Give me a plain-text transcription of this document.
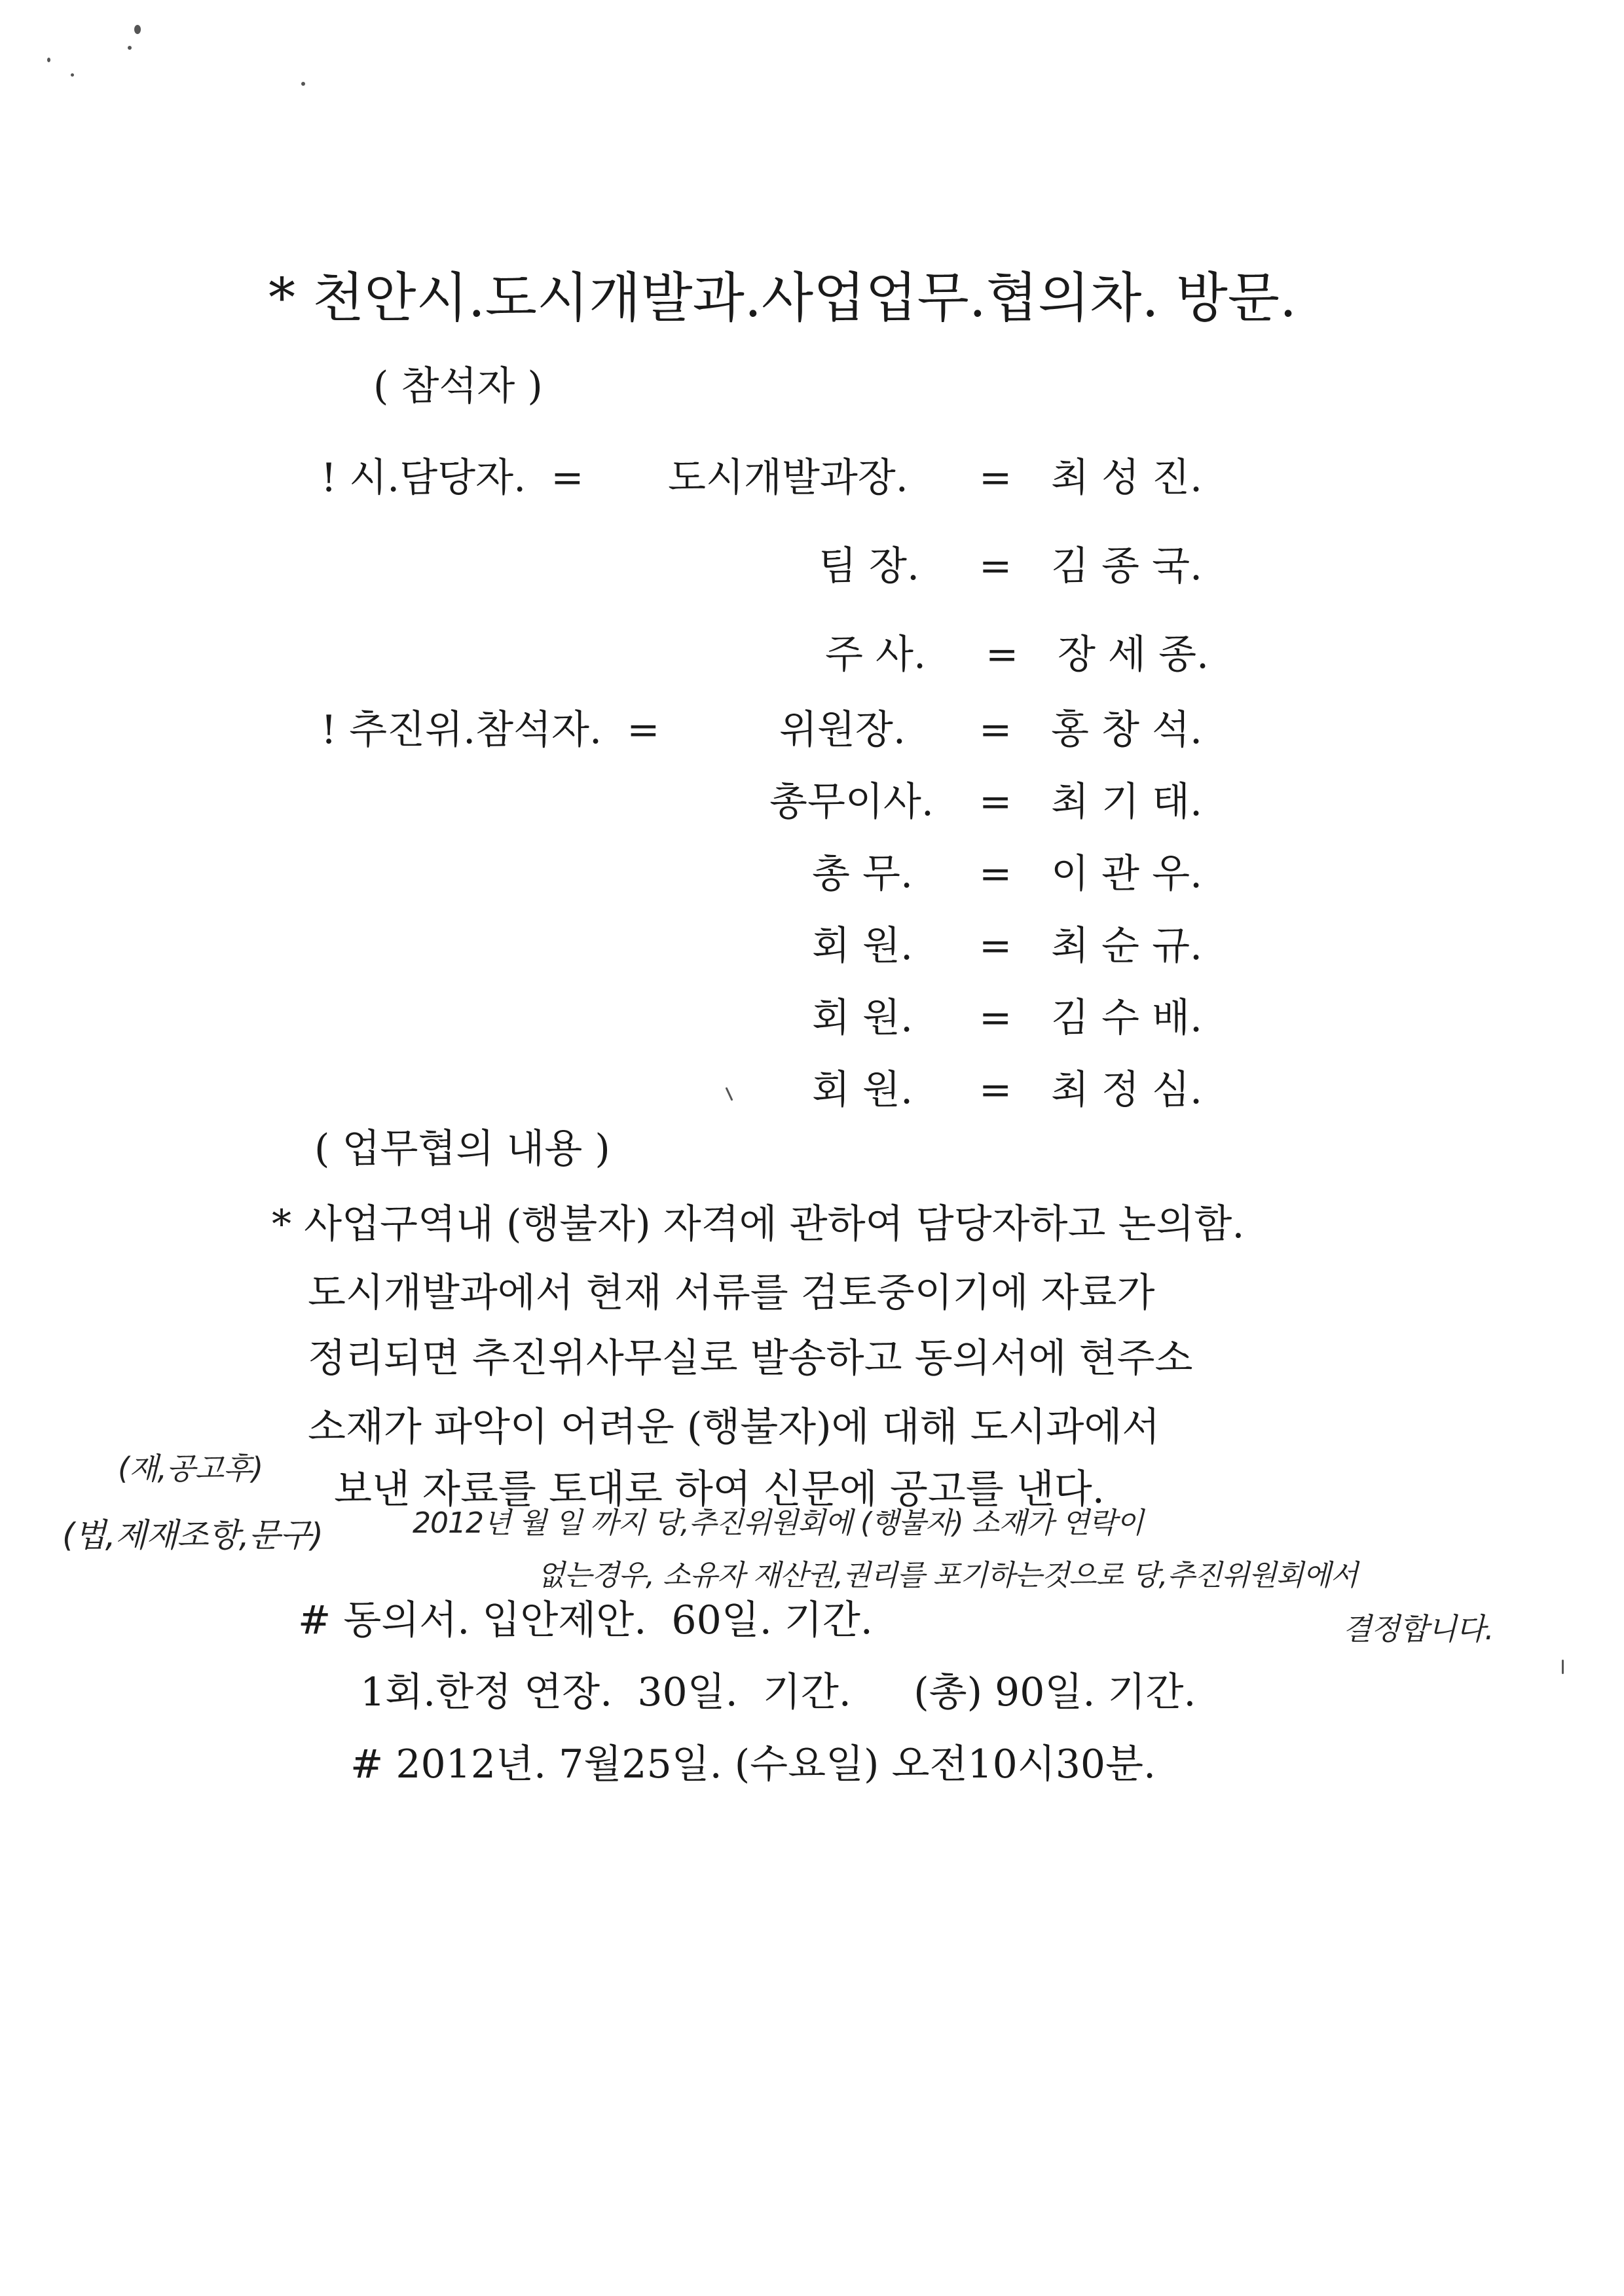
* 천안시.도시개발과.사업업무.협의차. 방문.
( 참석자 )
! 시.담당자.  = 도시개발과장. = 최 성 진.
팀 장. = 김 종 국.
주 사. = 장 세 종.
! 추진위.참석자.  =	위원장. = 홍 창 석.
총무이사. = 최 기 태.
총 무. = 이 관 우.
회 원. = 최 순 규.
회 원. = 김 수 배.
회 원. = 최 정 심.
( 업무협의 내용 )
* 사업구역내 (행불자) 자격에 관하여 담당자하고 논의함.
도시개발과에서 현재 서류를 검토중이기에 자료가
정리되면 추진위사무실로 발송하고 동의서에 현주소
소재가 파악이 어려운 (행불자)에 대해 도시과에서
보낸 자료를 토대로 하여 신문에 공고를 낸다.
(재,공고후)
(법,제재조항,문구)	2012년 월 일 까지 당,추진위원회에 (행불자) 소재가 연락이
없는경우, 소유자 재산권,권리를 포기하는것으로 당,추진위원회에서
결정합니다.
# 동의서. 입안제안.  60일. 기간.
1회.한정 연장.  30일.  기간.     (총) 90일. 기간.
# 2012년. 7월25일. (수요일) 오전10시30분.
